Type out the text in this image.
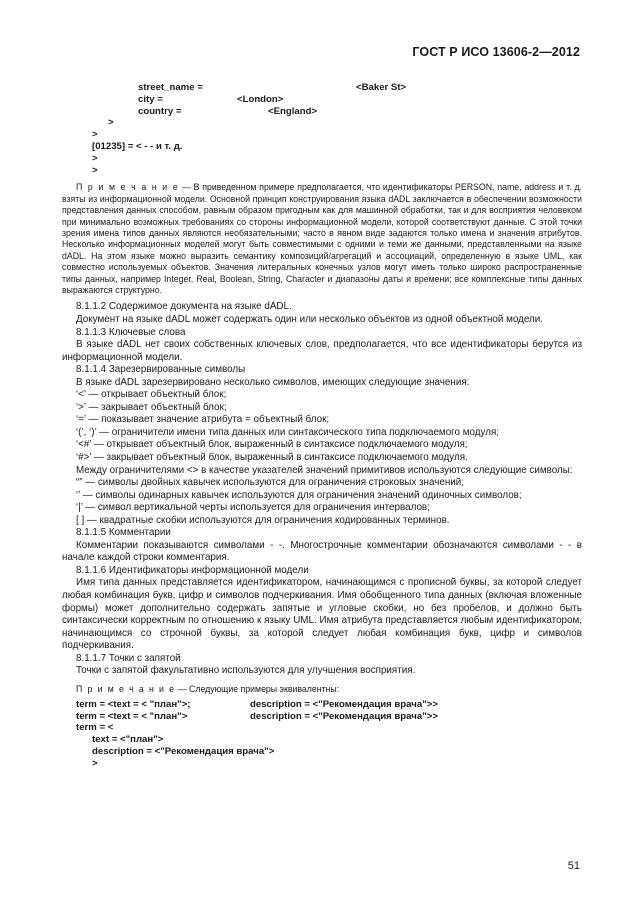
ГОСТ Р ИСО 13606-2—2012
street_name =	<Baker St>
city =	<London>
country =	<England>
>
>
[01235] = < - - и т. д.
>
>
П р и м е ч а н и е — В приведенном примере предполагается, что идентификаторы PERSON, name, address и т. д. взяты из информационной модели. Основной принцип конструирования языка dADL заключается в обеспечении возможности представления данных способом, равным образом пригодным как для машинной обработки, так и для восприятия человеком при минимально возможных требованиях со стороны информационной модели, которой соответствуют данные. С этой точки зрения имена типов данных являются необязательными; часто в явном виде задаются только имена и значения атрибутов. Несколько информационных моделей могут быть совместимыми с одними и теми же данными, представленными на языке dADL. На этом языке можно выразить семантику композиций/агрегаций и ассоциаций, определенную в языке UML, как совместно используемых объектов. Значения литеральных конечных узлов могут иметь только широко распространенные типы данных, например Integer, Real, Boolean, String, Character и диапазоны даты и времени; все комплексные типы данных выражаются структурно.

8.1.1.2 Содержимое документа на языке dADL.

Документ на языке dADL может содержать один или несколько объектов из одной объектной модели.

8.1.1.3 Ключевые слова

В языке dADL нет своих собственных ключевых слов, предполагается, что все идентификаторы берутся из информационной модели.

8.1.1.4 Зарезервированные символы

В языке dADL зарезервировано несколько символов, имеющих следующие значения:

‘<’ — открывает объектный блок;

‘>’ — закрывает объектный блок;

‘=’ — показывает значение атрибута = объектный блок;

‘(’, ‘)’ — ограничители имени типа данных или синтаксического типа подключаемого модуля;

‘<#’ — открывает объектный блок, выраженный в синтаксисе подключаемого модуля;

‘#>’ — закрывает объектный блок, выраженный в синтаксисе подключаемого модуля.

Между ограничителями <> в качестве указателей значений примитивов используются следующие символы:

“” — символы двойных кавычек используются для ограничения строковых значений;

‘’ — символы одинарных кавычек используются для ограничения значений одиночных символов;

‘|’ — символ вертикальной черты используется для ограничения интервалов;

[ ] — квадратные скобки используются для ограничения кодированных терминов.

8.1.1.5 Комментарии

Комментарии показываются символами - -. Многострочные комментарии обозначаются символами - - в начале каждой строки комментария.

8.1.1.6 Идентификаторы информационной модели

Имя типа данных представляется идентификатором, начинающимся с прописной буквы, за которой следует любая комбинация букв, цифр и символов подчеркивания. Имя обобщенного типа данных (включая вложенные формы) может дополнительно содержать запятые и угловые скобки, но без пробелов, и должно быть синтаксически корректным по отношению к языку UML. Имя атрибута представляется любым идентификатором, начинающимся со строчной буквы, за которой следует любая комбинация букв, цифр и символов подчеркивания.

8.1.1.7 Точки с запятой

Точки с запятой факультативно используются для улучшения восприятия.

П р и м е ч а н и е — Следующие примеры эквивалентны:
term = <text = < "план">;	description = <"Рекомендация врача">>
term = <text = < "план">	description = <"Рекомендация врача">>
term = <
text = <"план">
description = <"Рекомендация врача">
>
51
